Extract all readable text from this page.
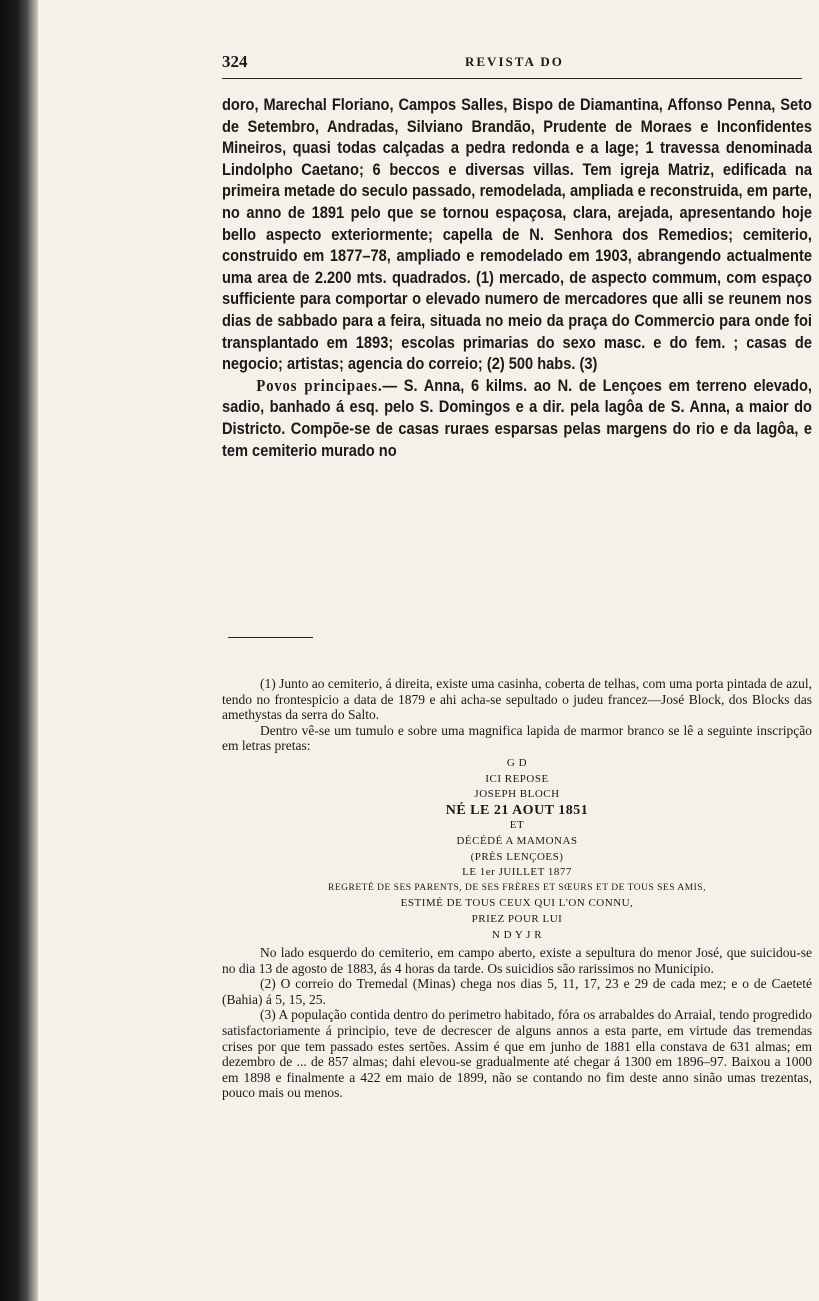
324	REVISTA DO

doro, Marechal Floriano, Campos Salles, Bispo de Diamantina, Affonso Penna, Seto de Setembro, Andradas, Silviano Brandão, Prudente de Moraes e Inconfidentes Mineiros, quasi todas calçadas a pedra redonda e a lage; 1 travessa denominada Lindolpho Caetano; 6 beccos e diversas villas. Tem igreja Matriz, edificada na primeira metade do seculo passado, remodelada, ampliada e reconstruida, em parte, no anno de 1891 pelo que se tornou espaçosa, clara, arejada, apresentando hoje bello aspecto exteriormente; capella de N. Senhora dos Remedios; cemiterio, construido em 1877–78, ampliado e remodelado em 1903, abrangendo actualmente uma area de 2.200 mts. quadrados. (1) mercado, de aspecto commum, com espaço sufficiente para comportar o elevado numero de mercadores que alli se reunem nos dias de sabbado para a feira, situada no meio da praça do Commercio para onde foi transplantado em 1893; escolas primarias do sexo masc. e do fem. ; casas de negocio; artistas; agencia do correio; (2) 500 habs. (3)

Povos principaes.— S. Anna, 6 kilms. ao N. de Lençoes em terreno elevado, sadio, banhado á esq. pelo S. Domingos e a dir. pela lagôa de S. Anna, a maior do Districto. Compõe-se de casas ruraes esparsas pelas margens do rio e da lagôa, e tem cemiterio murado no

(1) Junto ao cemiterio, á direita, existe uma casinha, coberta de telhas, com uma porta pintada de azul, tendo no frontespicio a data de 1879 e ahi acha-se sepultado o judeu francez—José Block, dos Blocks das amethystas da serra do Salto.

Dentro vê-se um tumulo e sobre uma magnifica lapida de marmor branco se lê a seguinte inscripção em letras pretas:

G D
ICI REPOSE
JOSEPH BLOCH
NÉ LE 21 AOUT 1851
ET
DÉCÉDÉ A MAMONAS
(PRÈS LENÇOES)
LE 1er JUILLET 1877
REGRETÉ DE SES PARENTS, DE SES FRÈRES ET SŒURS ET DE TOUS SES AMIS,
ESTIMÉ DE TOUS CEUX QUI L'ON CONNU,
PRIEZ POUR LUI
N D Y J R

No lado esquerdo do cemiterio, em campo aberto, existe a sepultura do menor José, que suicidou-se no dia 13 de agosto de 1883, ás 4 horas da tarde. Os suicidios são rarissimos no Municipio.

(2) O correio do Tremedal (Minas) chega nos dias 5, 11, 17, 23 e 29 de cada mez; e o de Caeteté (Bahia) á 5, 15, 25.

(3) A população contida dentro do perimetro habitado, fóra os arrabaldes do Arraial, tendo progredido satisfactoriamente á principio, teve de decrescer de alguns annos a esta parte, em virtude das tremendas crises por que tem passado estes sertões. Assim é que em junho de 1881 ella constava de 631 almas; em dezembro de ... de 857 almas; dahi elevou-se gradualmente até chegar á 1300 em 1896–97. Baixou a 1000 em 1898 e finalmente a 422 em maio de 1899, não se contando no fim deste anno sinão umas trezentas, pouco mais ou menos.
